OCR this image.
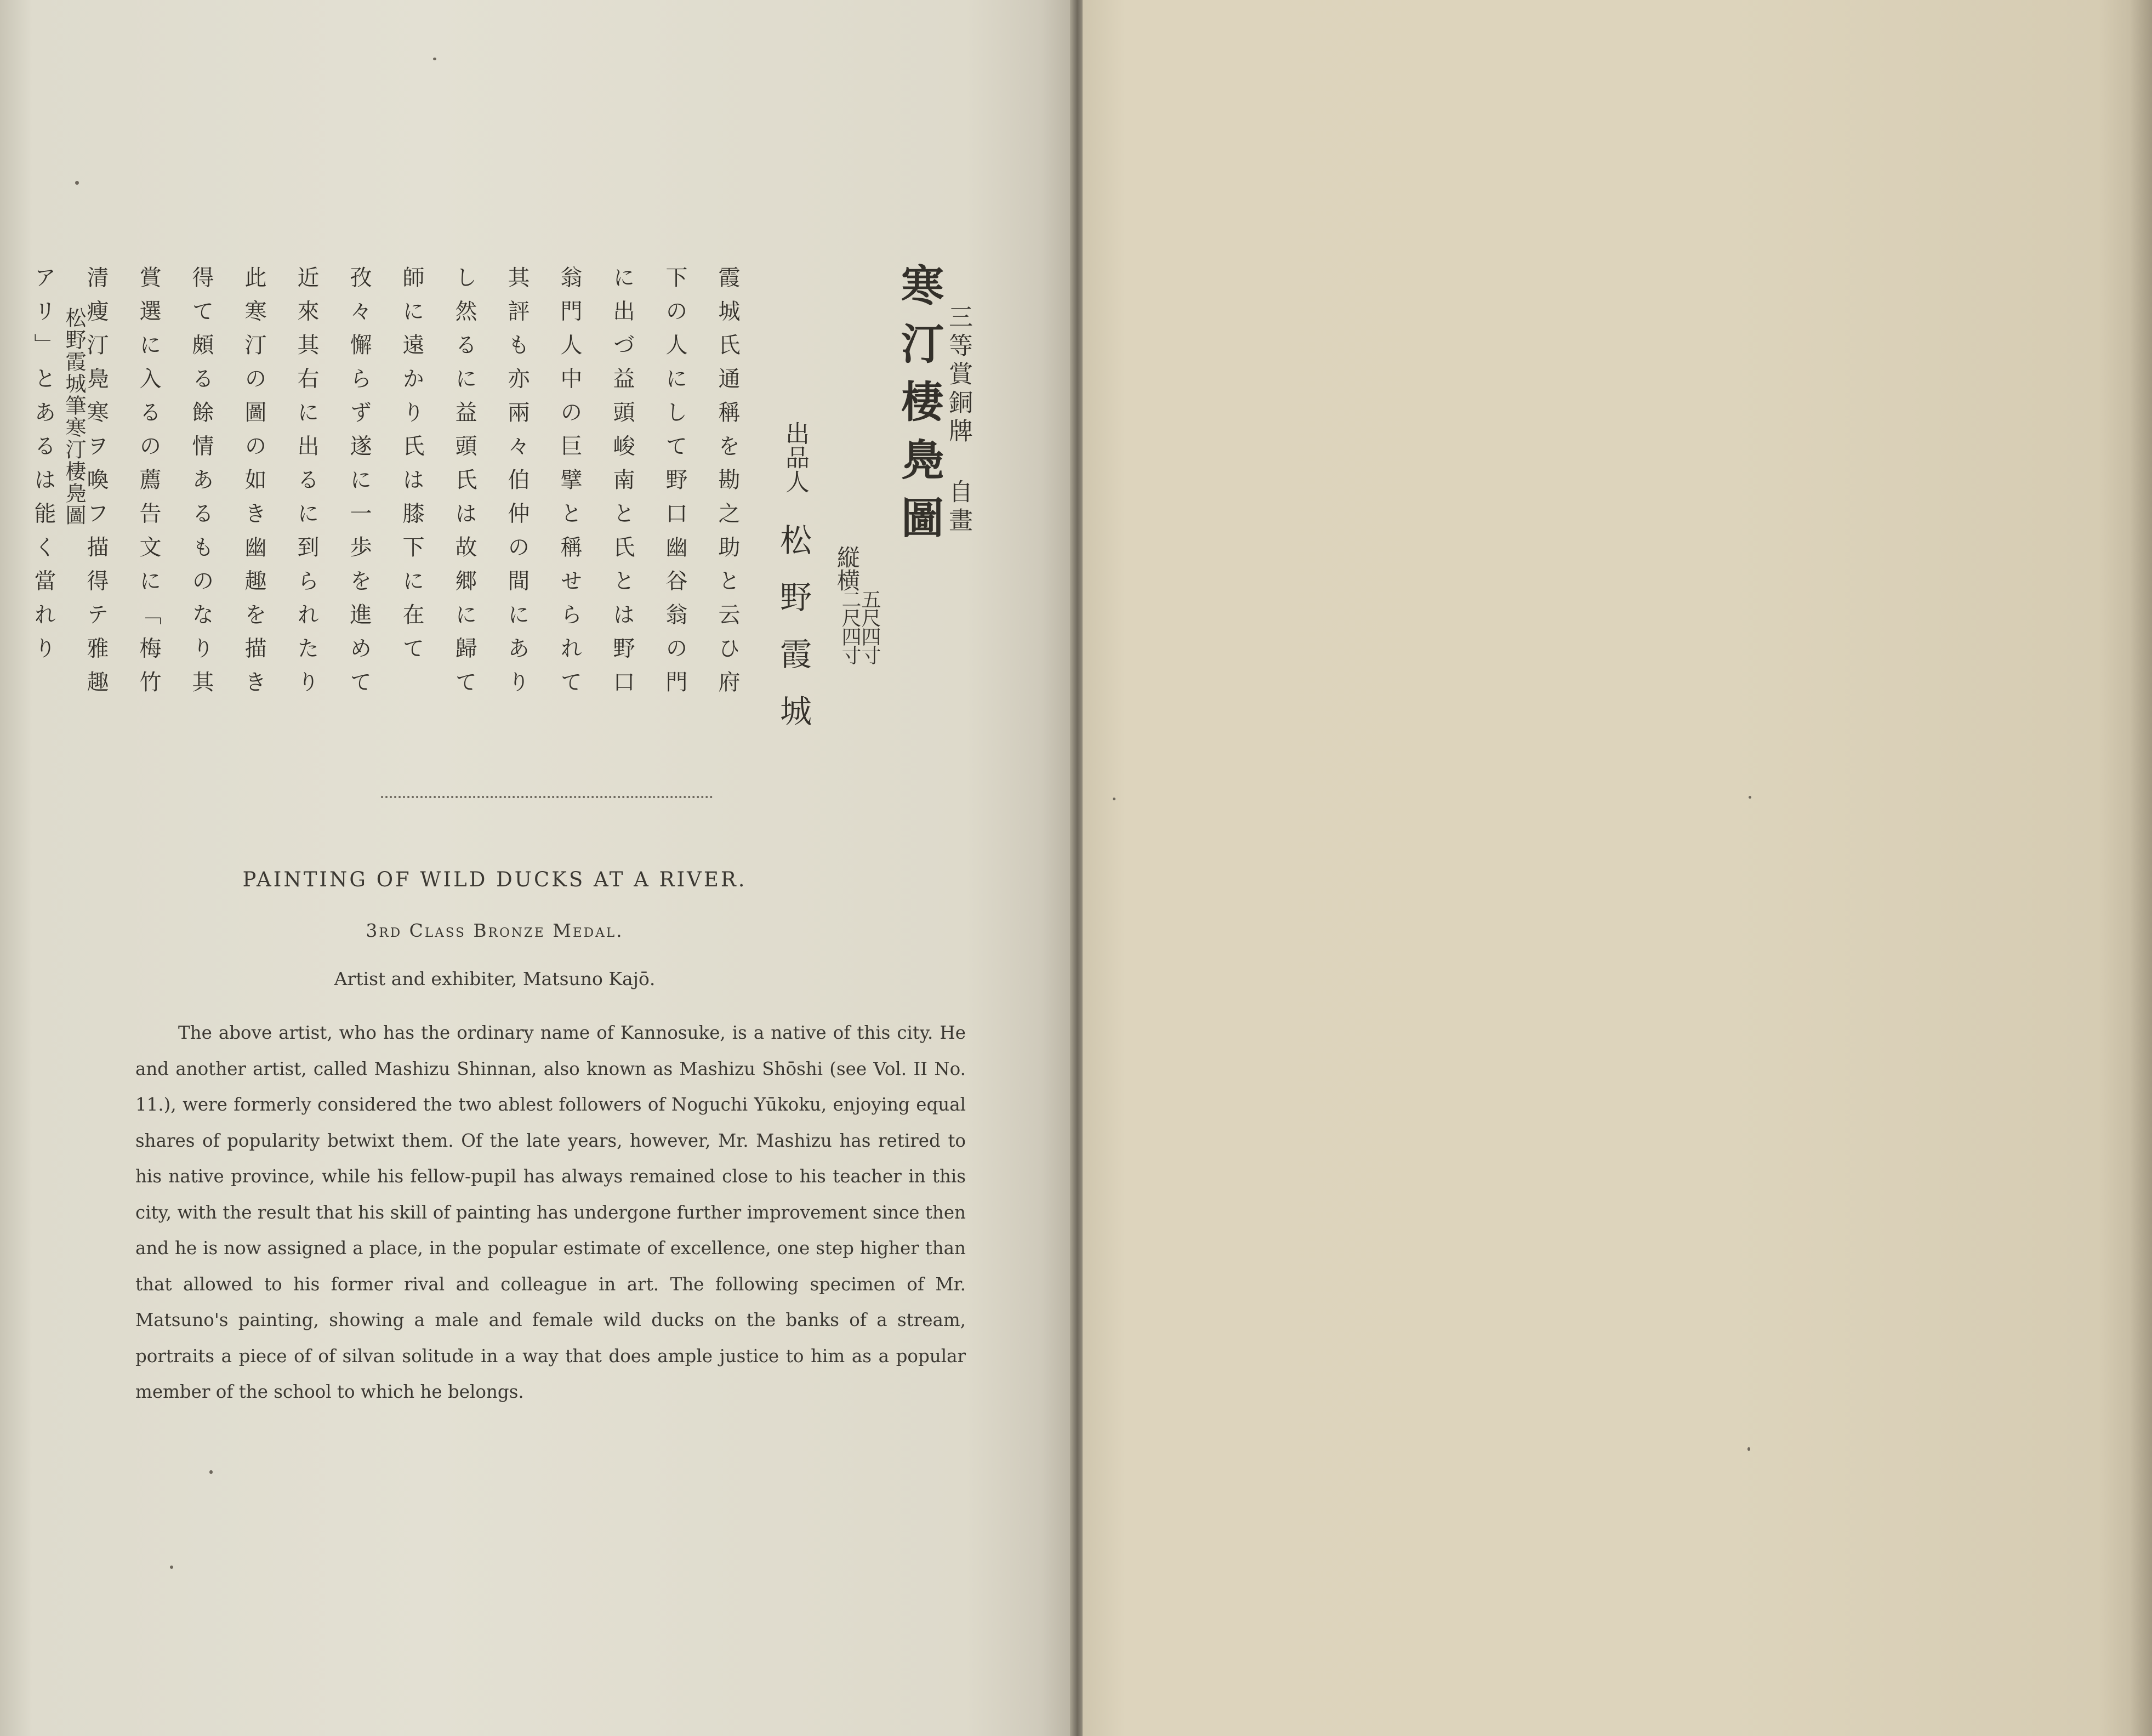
松野霞城筆寒汀棲鳧圖	三等賞銅牌 自畫
寒汀棲鳧圖
縦横
五尺四寸
二尺四寸
出品人
松野霞城
霞城氏通稱を勘之助と云ひ府下の人にして野口幽谷翁の門に出づ益頭峻南と氏とは野口翁門人中の巨擘と稱せられて其評も亦兩々伯仲の間にありし然るに益頭氏は故郷に歸て師に遠かり氏は膝下に在て孜々懈らず遂に一歩を進めて近來其右に出るに到られたり此寒汀の圖の如き幽趣を描き得て頗る餘情あるものなり其賞選に入るの薦告文に「梅竹清瘦汀鳧寒ヲ喚フ描得テ雅趣アリ」とあるは能く當れり
PAINTING OF WILD DUCKS AT A RIVER.
3rd Class Bronze Medal.
Artist and exhibiter, Matsuno Kajō.
The above artist, who has the ordinary name of Kannosuke, is a native of this city. He and another artist, called Mashizu Shinnan, also known as Mashizu Shōshi (see Vol. II No. 11.), were formerly considered the two ablest followers of Noguchi Yūkoku, enjoying equal shares of popularity betwixt them. Of the late years, however, Mr. Mashizu has retired to his native province, while his fellow-pupil has always remained close to his teacher in this city, with the result that his skill of painting has undergone further improvement since then and he is now assigned a place, in the popular estimate of excellence, one step higher than that allowed to his former rival and colleague in art. The following specimen of Mr. Matsuno's painting, showing a male and female wild ducks on the banks of a stream, portraits a piece of of silvan solitude in a way that does ample justice to him as a popular member of the school to which he belongs.
